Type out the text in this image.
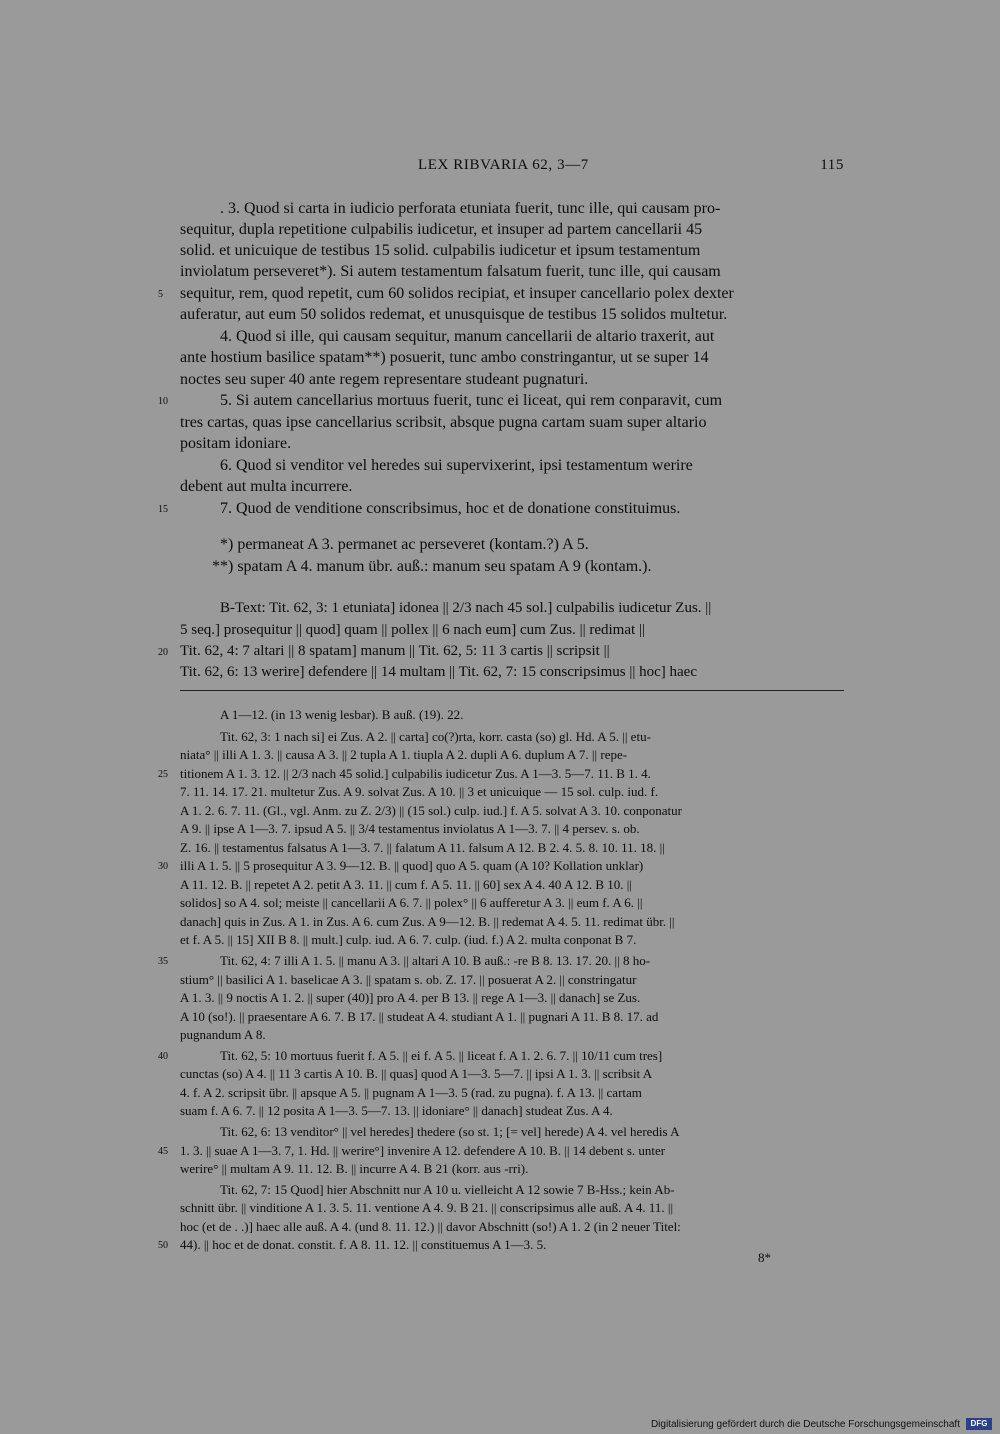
LEX RIBVARIA 62, 3—7	115
. 3. Quod si carta in iudicio perforata etuniata fuerit, tunc ille, qui causam pro-
sequitur, dupla repetitione culpabilis iudicetur, et insuper ad partem cancellarii 45
solid. et unicuique de testibus 15 solid. culpabilis iudicetur et ipsum testamentum
inviolatum perseveret*). Si autem testamentum falsatum fuerit, tunc ille, qui causam
sequitur, rem, quod repetit, cum 60 solidos recipiat, et insuper cancellario polex dexter
auferatur, aut eum 50 solidos redemat, et unusquisque de testibus 15 solidos multetur.
4. Quod si ille, qui causam sequitur, manum cancellarii de altario traxerit, aut
ante hostium basilice spatam**) posuerit, tunc ambo constringantur, ut se super 14
noctes seu super 40 ante regem representare studeant pugnaturi.
5. Si autem cancellarius mortuus fuerit, tunc ei liceat, qui rem conparavit, cum
tres cartas, quas ipse cancellarius scribsit, absque pugna cartam suam super altario
positam idoniare.
6. Quod si venditor vel heredes sui supervixerint, ipsi testamentum werire
debent aut multa incurrere.
7. Quod de venditione conscribsimus, hoc et de donatione constituimus.
5
10
15
*) permaneat A 3. permanet ac perseveret (kontam.?) A 5.
**) spatam A 4. manum übr. auß.: manum seu spatam A 9 (kontam.).
B-Text: Tit. 62, 3: 1 etuniata] idonea || 2/3 nach 45 sol.] culpabilis iudicetur Zus. ||
5 seq.] prosequitur || quod] quam || pollex || 6 nach eum] cum Zus. || redimat ||
Tit. 62, 4: 7 altari || 8 spatam] manum || Tit. 62, 5: 11 3 cartis || scripsit ||
Tit. 62, 6: 13 werire] defendere || 14 multam || Tit. 62, 7: 15 conscripsimus || hoc] haec
20
A 1—12. (in 13 wenig lesbar). B auß. (19). 22.
Tit. 62, 3: 1 nach si] ei Zus. A 2. || carta] co(?)rta, korr. casta (so) gl. Hd. A 5. || etu-
niata° || illi A 1. 3. || causa A 3. || 2 tupla A 1. tiupla A 2. dupli A 6. duplum A 7. || repe-
titionem A 1. 3. 12. || 2/3 nach 45 solid.] culpabilis iudicetur Zus. A 1—3. 5—7. 11. B 1. 4.
7. 11. 14. 17. 21. multetur Zus. A 9. solvat Zus. A 10. || 3 et unicuique — 15 sol. culp. iud. f.
A 1. 2. 6. 7. 11. (Gl., vgl. Anm. zu Z. 2/3) || (15 sol.) culp. iud.] f. A 5. solvat A 3. 10. conponatur
A 9. || ipse A 1—3. 7. ipsud A 5. || 3/4 testamentus inviolatus A 1—3. 7. || 4 persev. s. ob.
Z. 16. || testamentus falsatus A 1—3. 7. || falatum A 11. falsum A 12. B 2. 4. 5. 8. 10. 11. 18. ||
illi A 1. 5. || 5 prosequitur A 3. 9—12. B. || quod] quo A 5. quam (A 10? Kollation unklar)
A 11. 12. B. || repetet A 2. petit A 3. 11. || cum f. A 5. 11. || 60] sex A 4. 40 A 12. B 10. ||
solidos] so A 4. sol; meiste || cancellarii A 6. 7. || polex° || 6 aufferetur A 3. || eum f. A 6. ||
danach] quis in Zus. A 1. in Zus. A 6. cum Zus. A 9—12. B. || redemat A 4. 5. 11. redimat übr. ||
et f. A 5. || 15] XII B 8. || mult.] culp. iud. A 6. 7. culp. (iud. f.) A 2. multa conponat B 7.
Tit. 62, 4: 7 illi A 1. 5. || manu A 3. || altari A 10. B auß.: -re B 8. 13. 17. 20. || 8 ho-
stium° || basilici A 1. baselicae A 3. || spatam s. ob. Z. 17. || posuerat A 2. || constringatur
A 1. 3. || 9 noctis A 1. 2. || super (40)] pro A 4. per B 13. || rege A 1—3. || danach] se Zus.
A 10 (so!). || praesentare A 6. 7. B 17. || studeat A 4. studiant A 1. || pugnari A 11. B 8. 17. ad
pugnandum A 8.
Tit. 62, 5: 10 mortuus fuerit f. A 5. || ei f. A 5. || liceat f. A 1. 2. 6. 7. || 10/11 cum tres]
cunctas (so) A 4. || 11 3 cartis A 10. B. || quas] quod A 1—3. 5—7. || ipsi A 1. 3. || scribsit A
4. f. A 2. scripsit übr. || apsque A 5. || pugnam A 1—3. 5 (rad. zu pugna). f. A 13. || cartam
suam f. A 6. 7. || 12 posita A 1—3. 5—7. 13. || idoniare° || danach] studeat Zus. A 4.
Tit. 62, 6: 13 venditor° || vel heredes] thedere (so st. 1; [= vel] herede) A 4. vel heredis A
1. 3. || suae A 1—3. 7, 1. Hd. || werire°] invenire A 12. defendere A 10. B. || 14 debent s. unter
werire° || multam A 9. 11. 12. B. || incurre A 4. B 21 (korr. aus -rri).
Tit. 62, 7: 15 Quod] hier Abschnitt nur A 10 u. vielleicht A 12 sowie 7 B-Hss.; kein Ab-
schnitt übr. || vinditione A 1. 3. 5. 11. ventione A 4. 9. B 21. || conscripsimus alle auß. A 4. 11. ||
hoc (et de . .)] haec alle auß. A 4. (und 8. 11. 12.) || davor Abschnitt (so!) A 1. 2 (in 2 neuer Titel:
44). || hoc et de donat. constit. f. A 8. 11. 12. || constituemus A 1—3. 5.
25
30
35
40
45
50
8*
Digitalisierung gefördert durch die Deutsche Forschungsgemeinschaft	DFG
